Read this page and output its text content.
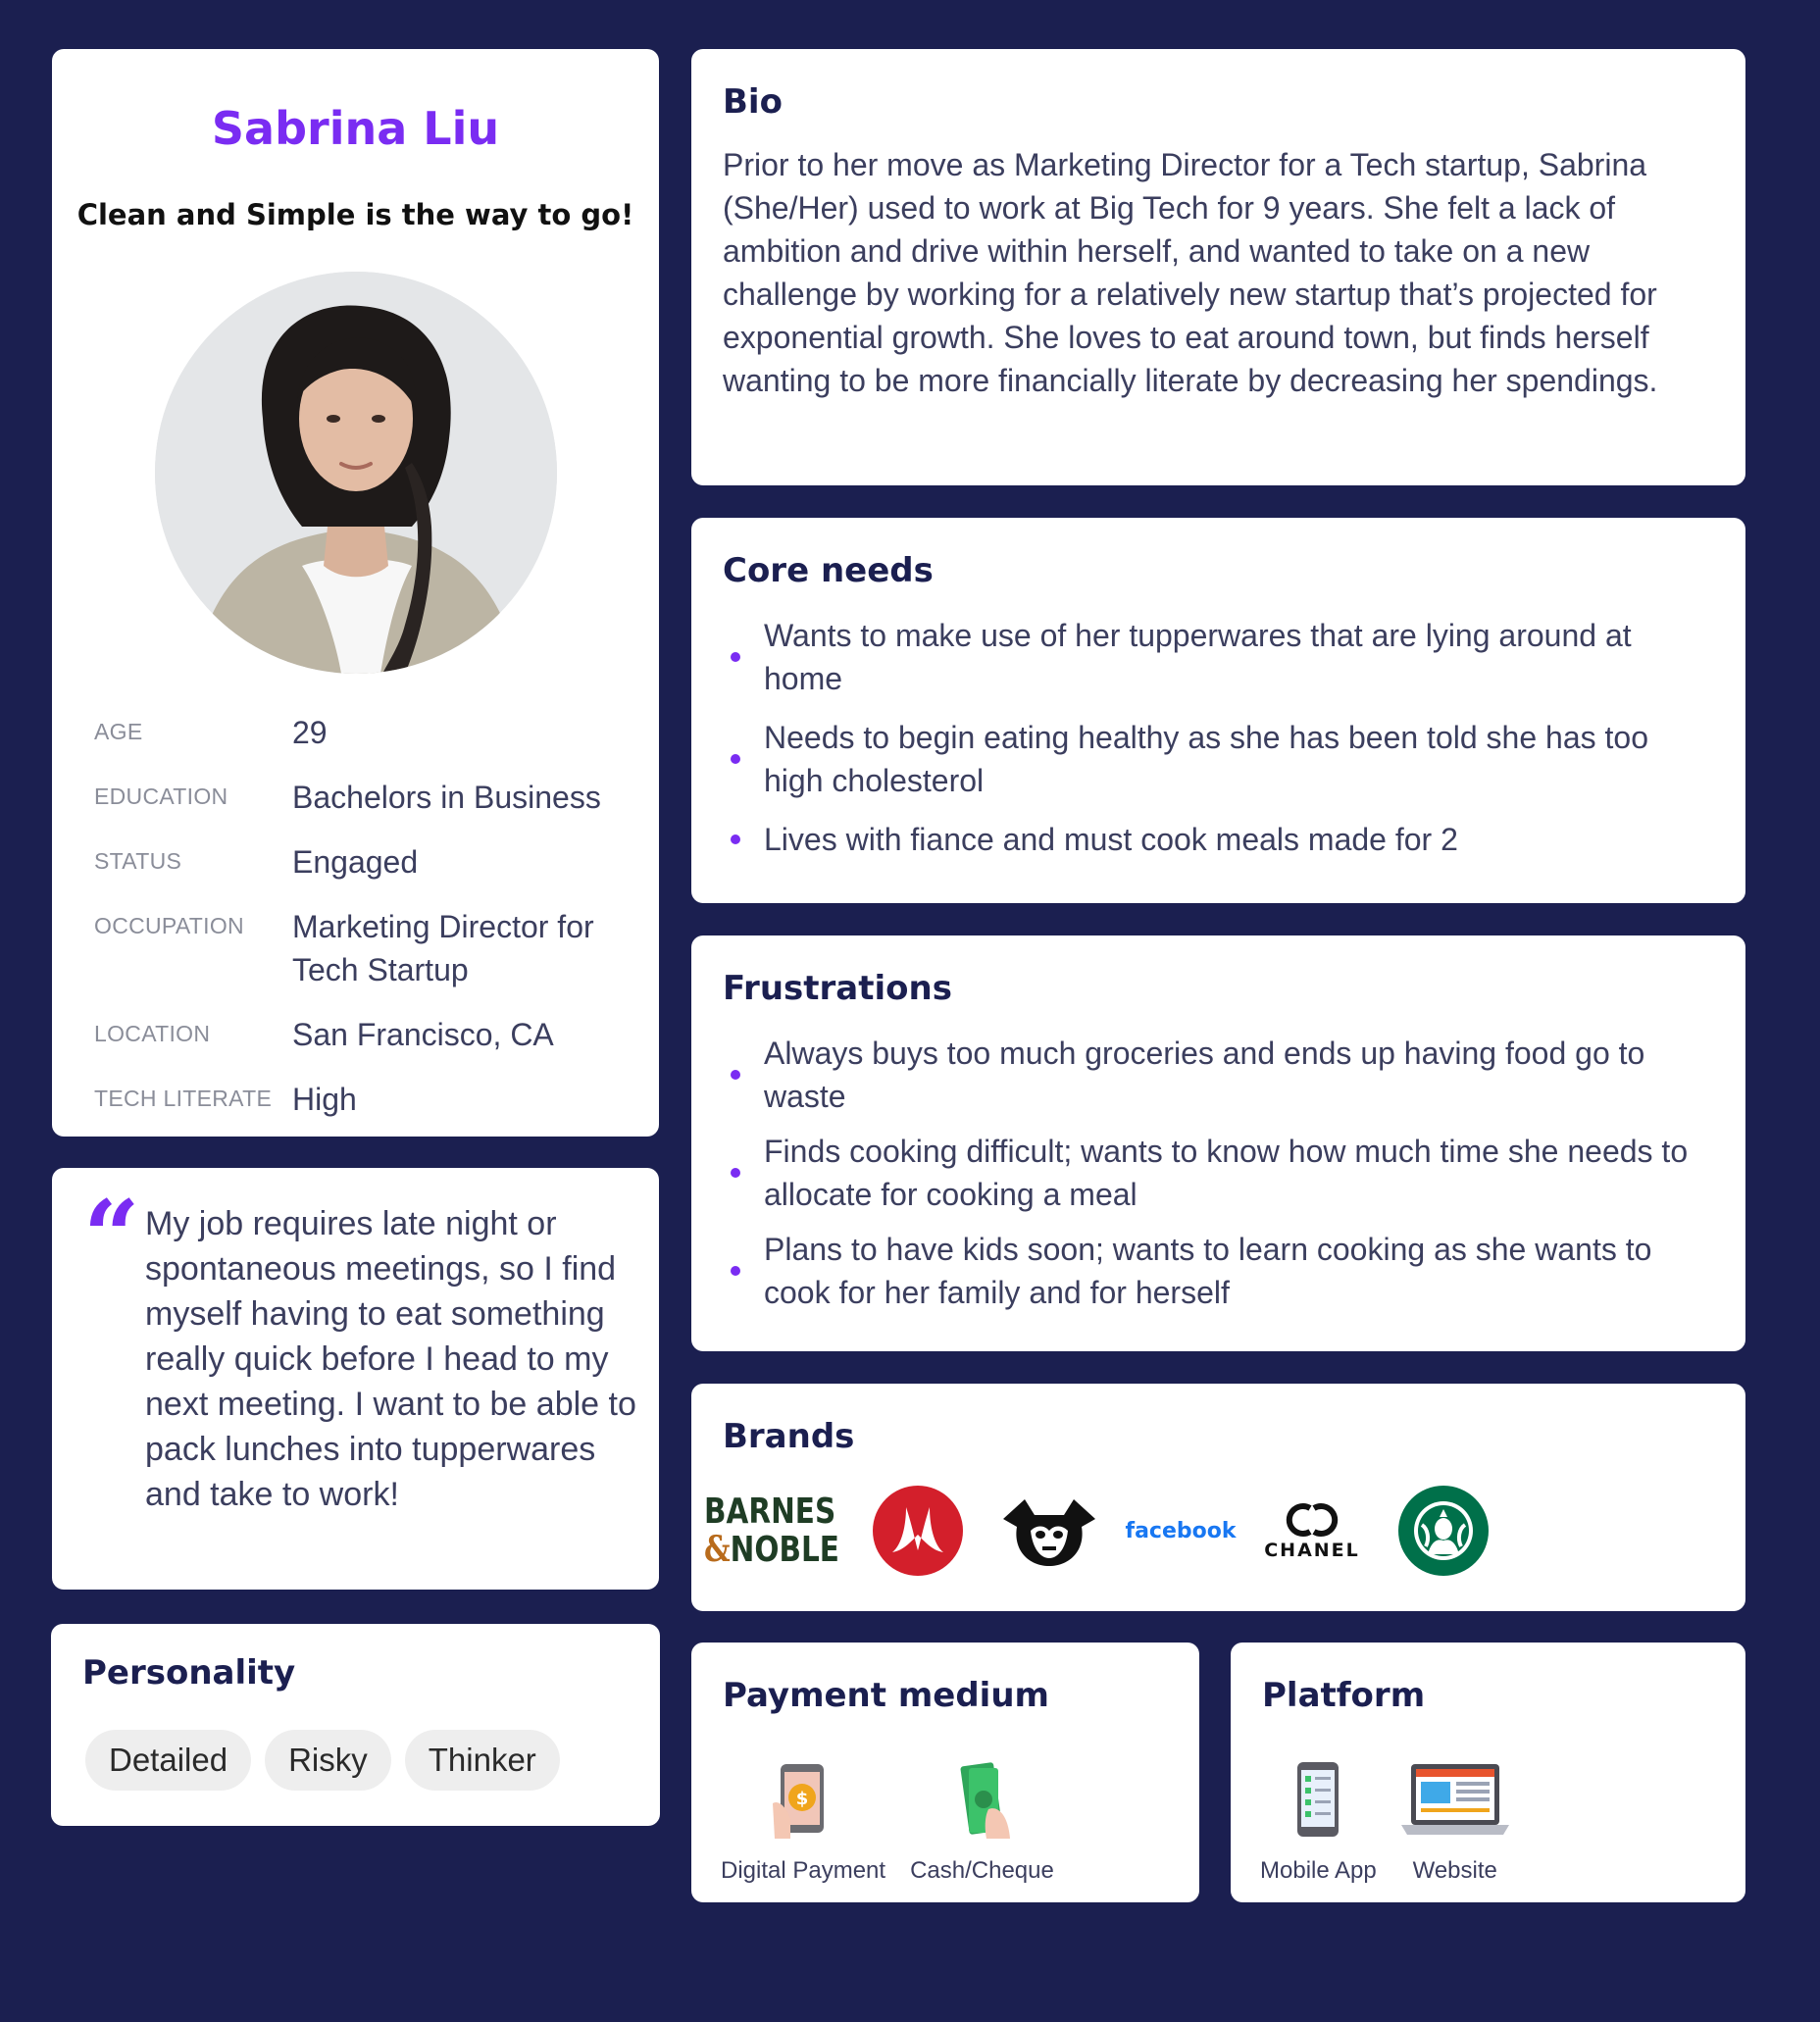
Sabrina Liu

Clean and Simple is the way to go!

AGE	29
EDUCATION	Bachelors in Business
STATUS	Engaged
OCCUPATION	Marketing Director for Tech Startup
LOCATION	San Francisco, CA
TECH LITERATE High
“ My job requires late night or spontaneous meetings, so I find myself having to eat something really quick before I head to my next meeting. I want to be able to pack lunches into tupperwares and take to work!

Personality
Detailed	Risky	Thinker
Bio

Prior to her move as Marketing Director for a Tech startup, Sabrina (She/Her) used to work at Big Tech for 9 years. She felt a lack of ambition and drive within herself, and wanted to take on a new challenge by working for a relatively new startup that’s projected for exponential growth. She loves to eat around town, but finds herself wanting to be more financially literate by decreasing her spendings.

Core needs
Wants to make use of her tupperwares that are lying around at home
Needs to begin eating healthy as she has been told she has too high cholesterol
Lives with fiance and must cook meals made for 2
Frustrations
Always buys too much groceries and ends up having food go to waste
Finds cooking difficult; wants to know how much time she needs to allocate for cooking a meal
Plans to have kids soon; wants to learn cooking as she wants to cook for her family and for herself
Brands
BARNES
&NOBLE	facebook
CHANEL
Payment medium
$
Digital Payment Cash/Cheque
Platform
Mobile App Website
